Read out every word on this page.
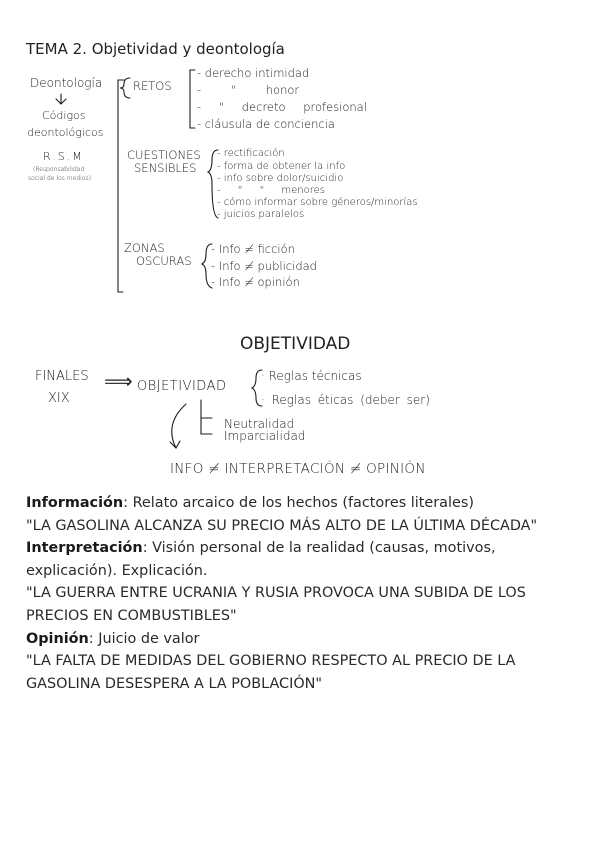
TEMA 2. Objetividad y deontología
Deontología
Códigos
deontológicos
R.S.M
(Responsabilidad
social de los medios)
RETOS
- derecho intimidad
- " honor
- " decreto profesional
- cláusula de conciencia
CUESTIONES
SENSIBLES
- rectificación
- forma de obtener la info
- info sobre dolor/suicidio
- " " menores
- cómo informar sobre géneros/minorías
- juicios paralelos
ZONAS
OSCURAS
- Info ≠ ficción
- Info ≠ publicidad
- Info ≠ opinión
OBJETIVIDAD
FINALES
XIX
⟹ OBJETIVIDAD
· Reglas técnicas
· Reglas éticas (deber ser)
Neutralidad
Imparcialidad
INFO ≠ INTERPRETACIÓN ≠ OPINIÓN
Información: Relato arcaico de los hechos (factores literales)
"LA GASOLINA ALCANZA SU PRECIO MÁS ALTO DE LA ÚLTIMA DÉCADA"
Interpretación: Visión personal de la realidad (causas, motivos,
explicación). Explicación.
"LA GUERRA ENTRE UCRANIA Y RUSIA PROVOCA UNA SUBIDA DE LOS
PRECIOS EN COMBUSTIBLES"
Opinión: Juicio de valor
"LA FALTA DE MEDIDAS DEL GOBIERNO RESPECTO AL PRECIO DE LA
GASOLINA DESESPERA A LA POBLACIÓN"
